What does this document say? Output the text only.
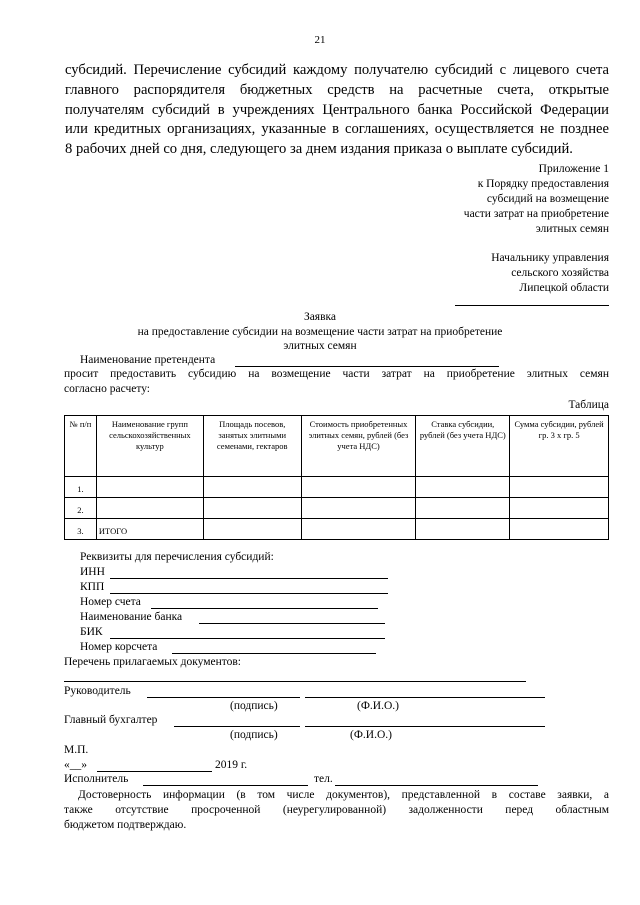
21
субсидий. Перечисление субсидий каждому получателю субсидий с лицевого счета
главного распорядителя бюджетных средств на расчетные счета, открытые
получателям субсидий в учреждениях Центрального банка Российской Федерации
или кредитных организациях, указанные в соглашениях, осуществляется не позднее
8 рабочих дней со дня, следующего за днем издания приказа о выплате субсидий.
Приложение 1
к Порядку предоставления
субсидий на возмещение
части затрат на приобретение
элитных семян
Начальнику управления
сельского хозяйства
Липецкой области
Заявка
на предоставление субсидии на возмещение части затрат на приобретение
элитных семян
Наименование претендента
просит предоставить субсидию на возмещение части затрат на приобретение элитных семян
согласно расчету:
Таблица
№ п/п	Наименование групп сельскохозяйственных культур	Площадь посевов, занятых элитными семенами, гектаров	Стоимость приобретенных элитных семян, рублей (без учета НДС)	Ставка субсидии, рублей (без учета НДС)	Сумма субсидии, рублей гр. 3 х гр. 5
1.					
2.					
3.	ИТОГО				
Реквизиты для перечисления субсидий:
ИНН
КПП
Номер счета
Наименование банка
БИК
Номер корсчета
Перечень прилагаемых документов:
Руководитель
(подпись)	(Ф.И.О.)
Главный бухгалтер
(подпись)	(Ф.И.О.)
М.П.
«__»	2019 г.
Исполнитель	тел.
Достоверность информации (в том числе документов), представленной в составе заявки, а
также отсутствие просроченной (неурегулированной) задолженности перед областным
бюджетом подтверждаю.
